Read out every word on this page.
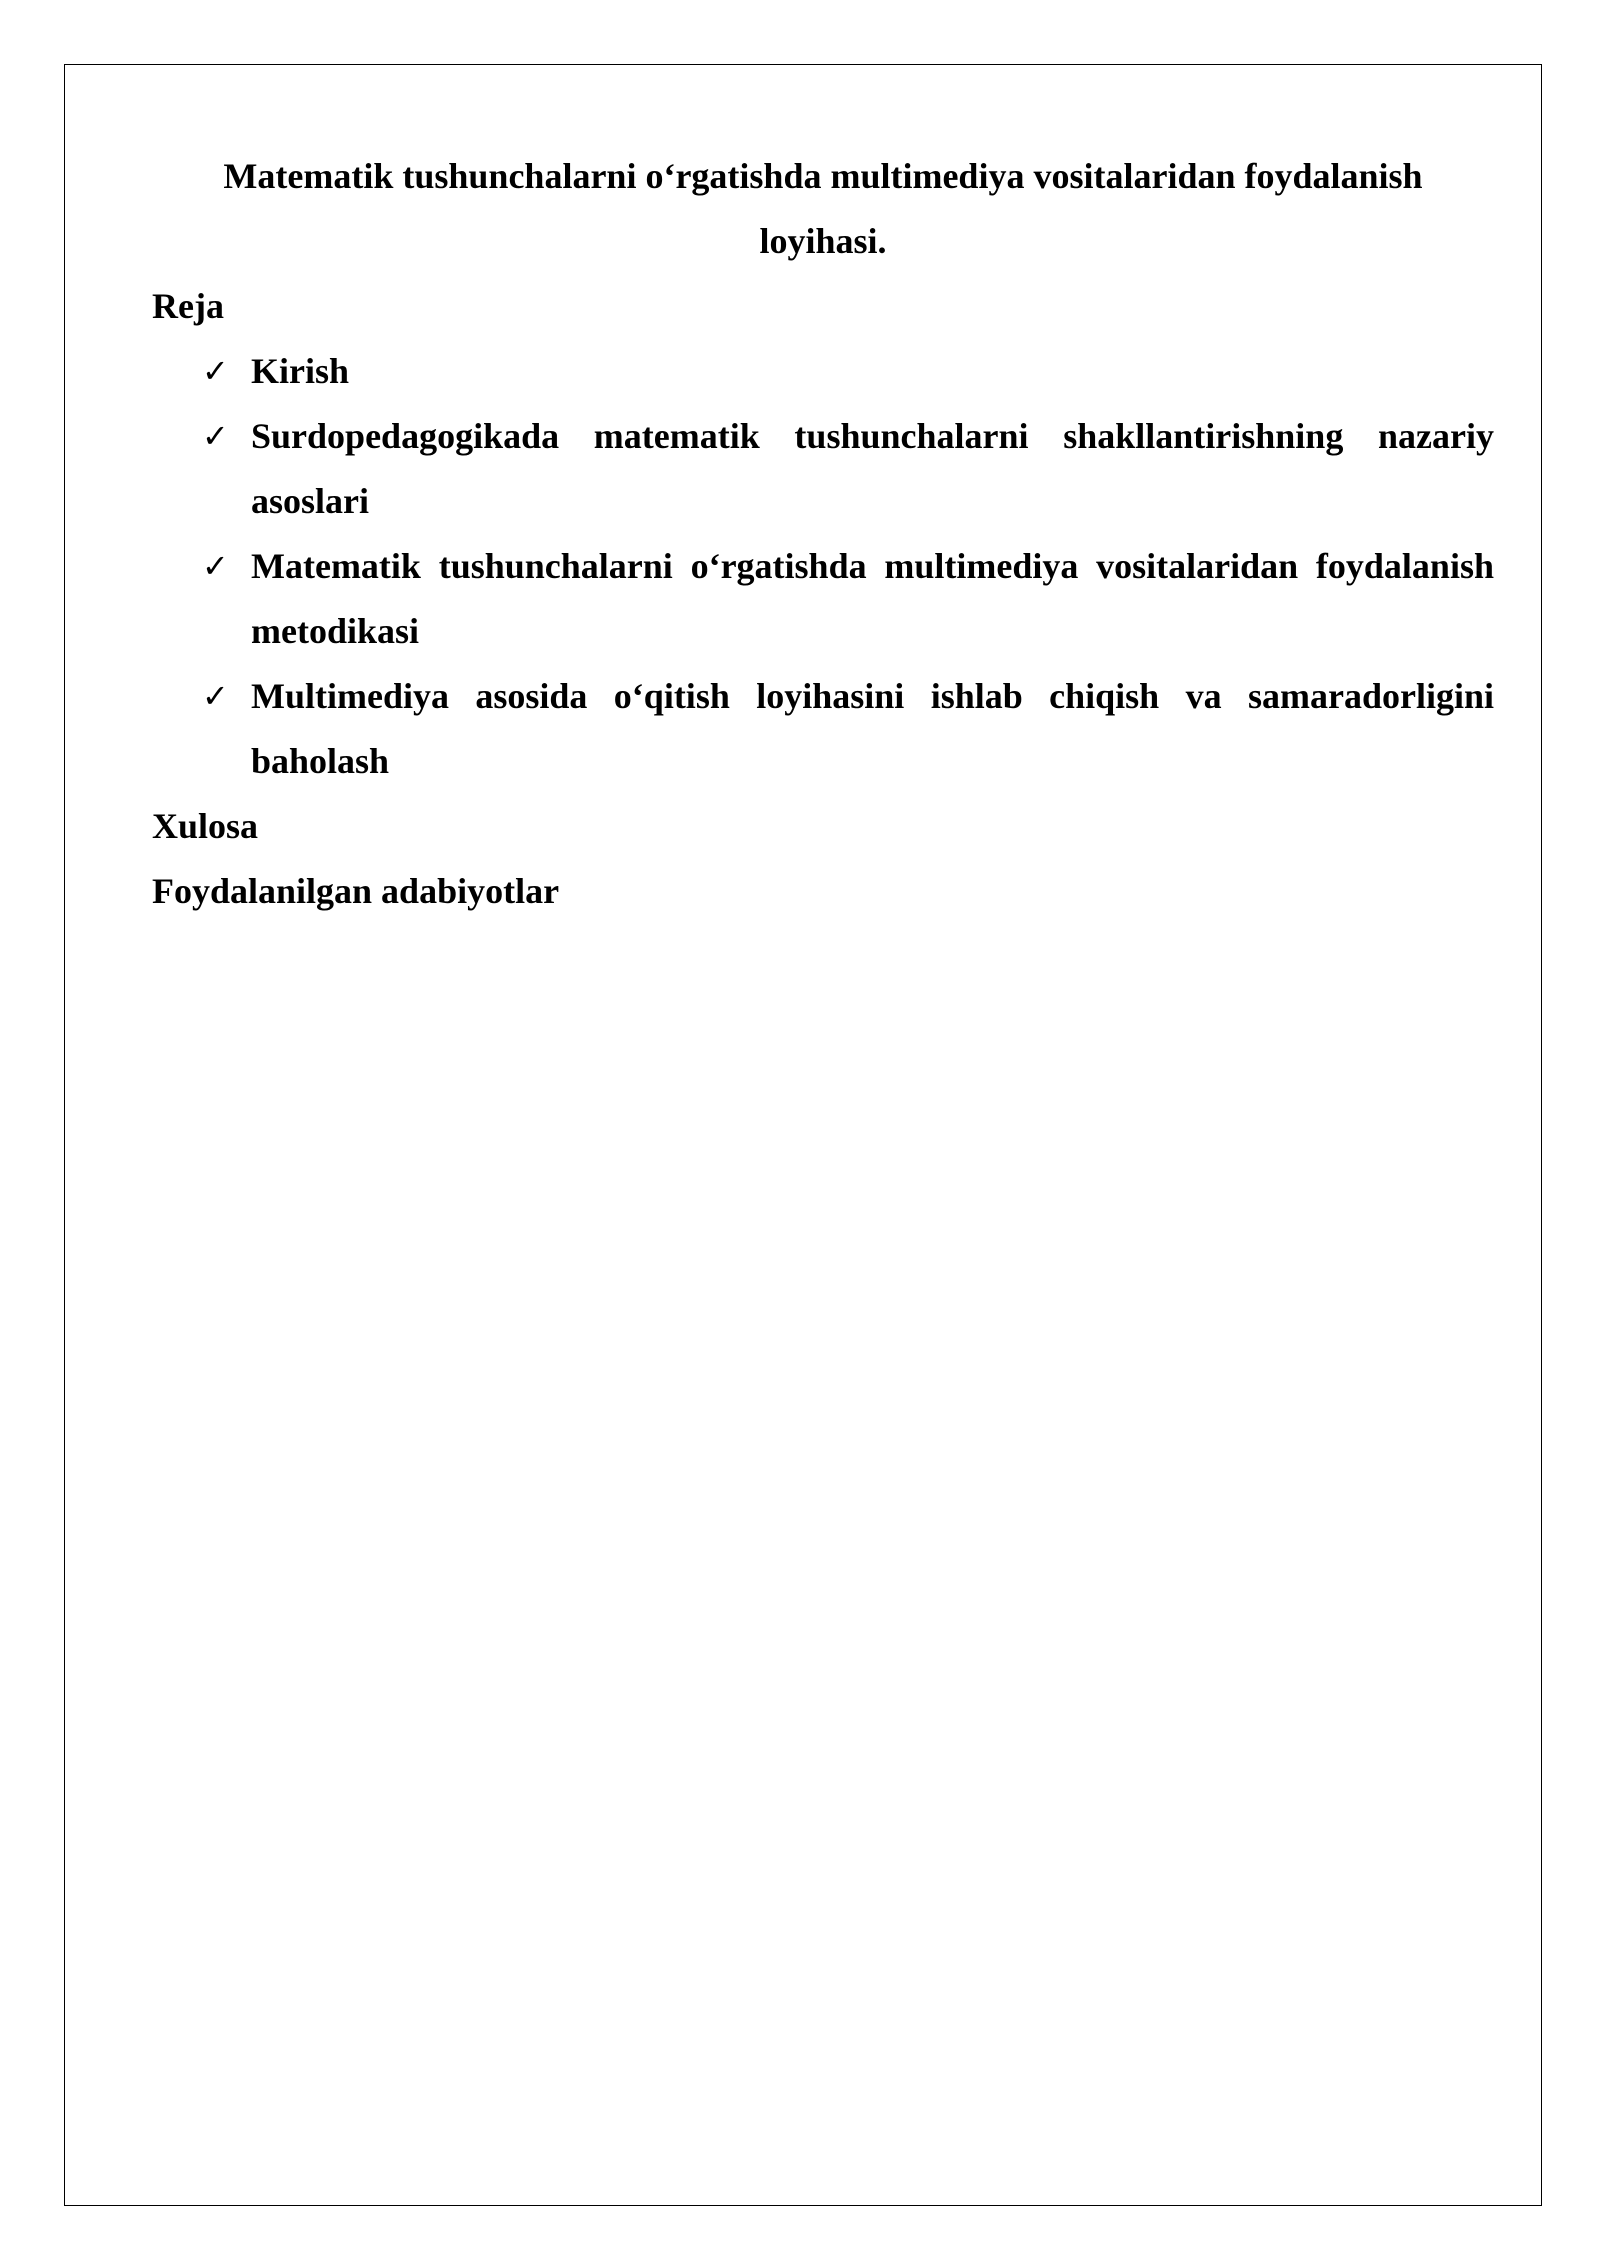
Matematik tushunchalarni o‘rgatishda multimediya vositalaridan foydalanish loyihasi.
Reja
✓ Kirish
✓ Surdopedagogikada matematik tushunchalarni shakllantirishning nazariy asoslari
✓ Matematik tushunchalarni o‘rgatishda multimediya vositalaridan foydalanish metodikasi
✓ Multimediya asosida o‘qitish loyihasini ishlab chiqish va samaradorligini baholash
Xulosa
Foydalanilgan adabiyotlar
